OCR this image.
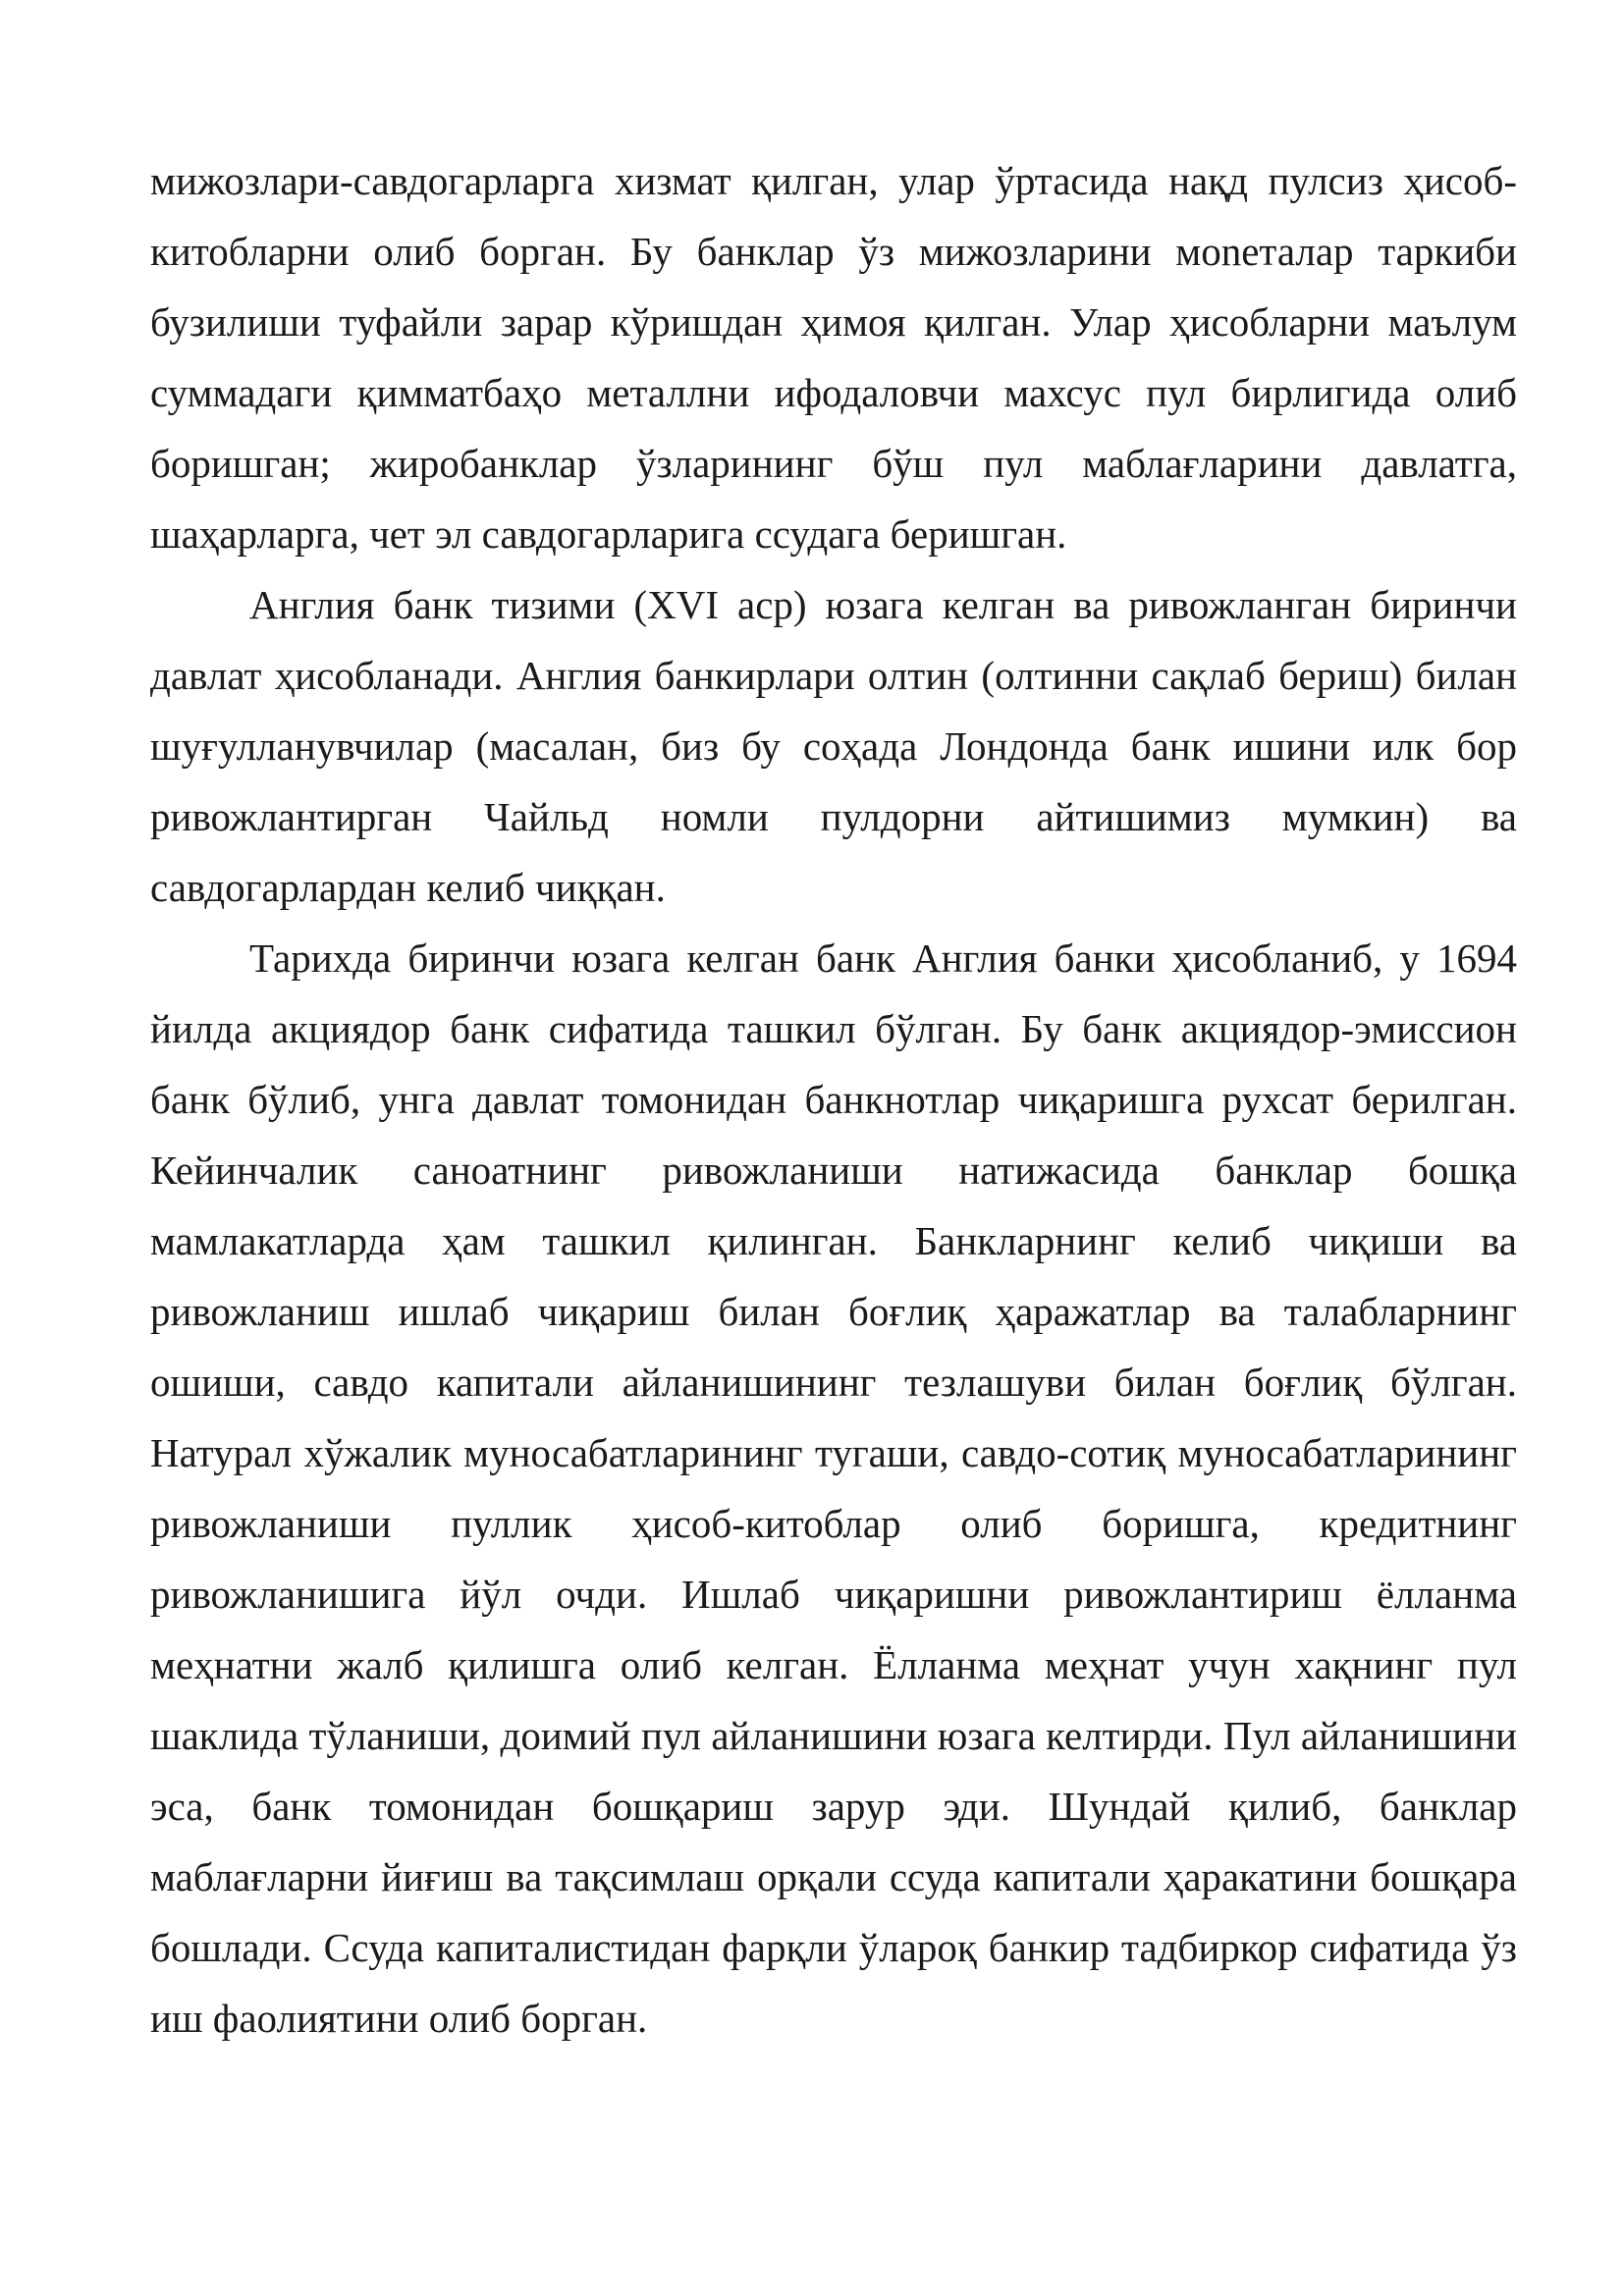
мижозлари-савдогарларга хизмат қилган, улар ўртасида нақд пулсиз ҳисоб-китобларни олиб борган. Бу банклар ўз мижозларини моneталар таркиби бузилиши туфайли зарар кўришдан ҳимоя қилган. Улар ҳисобларни маълум суммадаги қимматбаҳо металлни ифодаловчи махсус пул бирлигида олиб боришган; жиробанклар ўзларининг бўш пул маблағларини давлатга, шаҳарларга, чет эл савдогарларига ссудага беришган.

Англия банк тизими (XVI аср) юзага келган ва ривожланган биринчи давлат ҳисобланади. Англия банкирлари олтин (олтинни сақлаб бериш) билан шуғулланувчилар (масалан, биз бу соҳада Лондонда банк ишини илк бор ривожлантирган Чайльд номли пулдорни айтишимиз мумкин) ва савдогарлардан келиб чиққан.

Тарихда биринчи юзага келган банк Англия банки ҳисобланиб, у 1694 йилда акциядор банк сифатида ташкил бўлган. Бу банк акциядор-эмиссион банк бўлиб, унга давлат томонидан банкнотлар чиқаришга рухсат берилган. Кейинчалик саноатнинг ривожланиши натижасида банклар бошқа мамлакатларда ҳам ташкил қилинган. Банкларнинг келиб чиқиши ва ривожланиш ишлаб чиқариш билан боғлиқ ҳаражатлар ва талабларнинг ошиши, савдо капитали айланишининг тезлашуви билан боғлиқ бўлган. Натурал хўжалик муносабатларининг тугаши, савдо-сотиқ муносабатларининг ривожланиши пуллик ҳисоб-китоблар олиб боришга, кредитнинг ривожланишига йўл очди. Ишлаб чиқаришни ривожлантириш ёлланма меҳнатни жалб қилишга олиб келган. Ёлланма меҳнат учун хақнинг пул шаклида тўланиши, доимий пул айланишини юзага келтирди. Пул айланишини эса, банк томонидан бошқариш зарур эди. Шундай қилиб, банклар маблағларни йиғиш ва тақсимлаш орқали ссуда капитали ҳаракатини бошқара бошлади. Ссуда капиталистидан фарқли ўлароқ банкир тадбиркор сифатида ўз иш фаолиятини олиб борган.
